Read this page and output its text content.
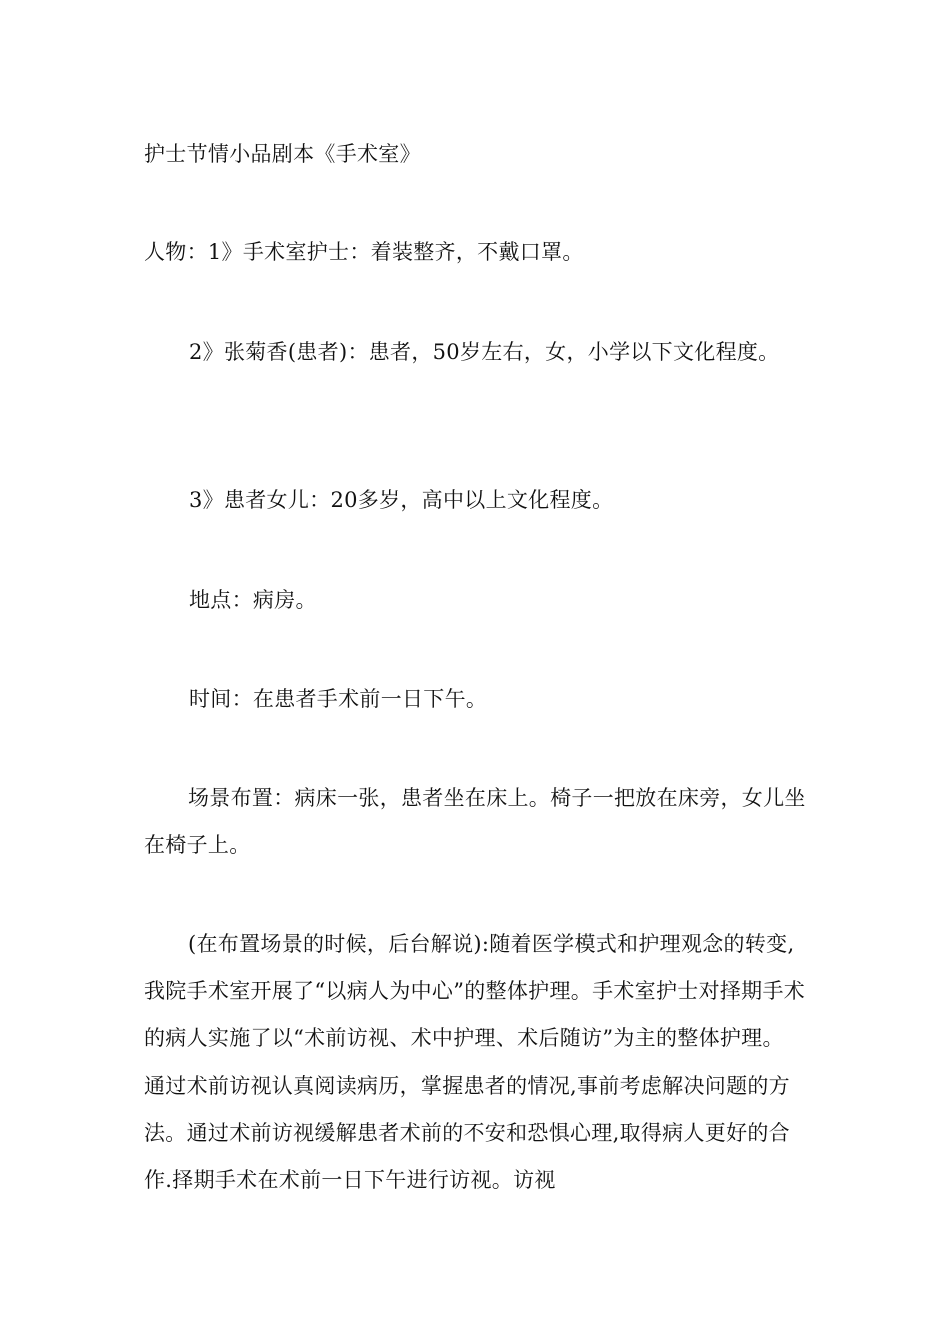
护士节情小品剧本《手术室》
人物：1》手术室护士：着装整齐，不戴口罩。
2》张菊香(患者)：患者，50岁左右，女，小学以下文化程度。
3》患者女儿：20多岁，高中以上文化程度。
地点：病房。
时间：在患者手术前一日下午。
场景布置：病床一张，患者坐在床上。椅子一把放在床旁，女儿坐在椅子上。
(在布置场景的时候，后台解说):随着医学模式和护理观念的转变,我院手术室开展了“以病人为中心”的整体护理。手术室护士对择期手术的病人实施了以“术前访视、术中护理、术后随访”为主的整体护理。 通过术前访视认真阅读病历，掌握患者的情况,事前考虑解决问题的方法。通过术前访视缓解患者术前的不安和恐惧心理,取得病人更好的合作.择期手术在术前一日下午进行访视。访视
